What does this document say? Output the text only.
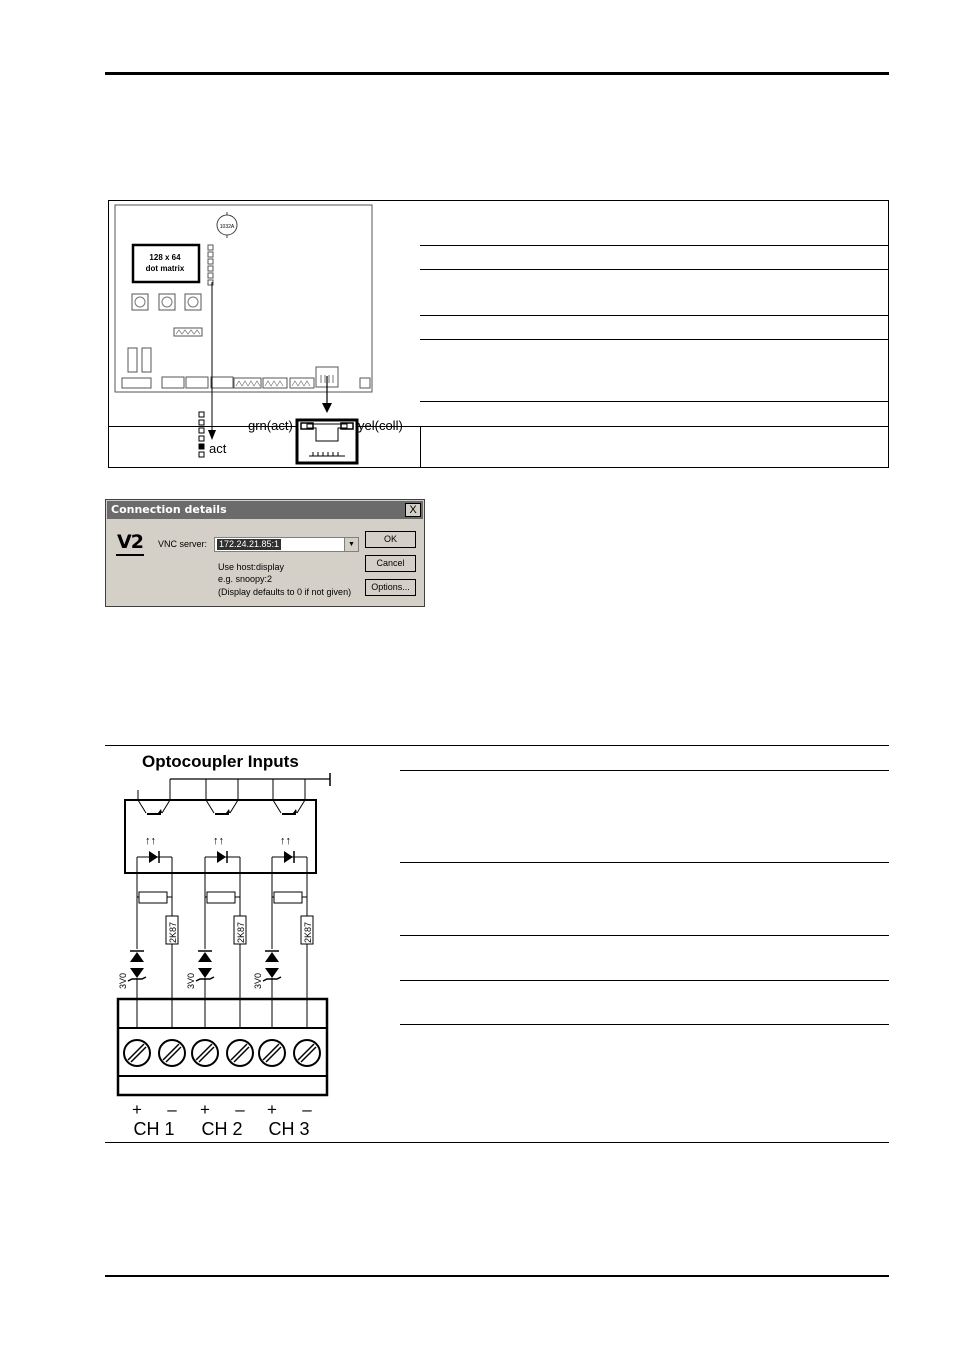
1032A
128 x 64
dot matrix
act
grn(act)	yel(coll)
Connection details	X
V2 VNC server: 172.24.21.85:1	▼
Use host:display
e.g. snoopy:2
(Display defaults to 0 if not given)
OK
Cancel
Options...
Optocoupler Inputs
↑↑
2K87
3V0
↑↑
2K87
3V0
↑↑
2K87
3V0
+ – + – + –
CH 1 CH 2 CH 3
